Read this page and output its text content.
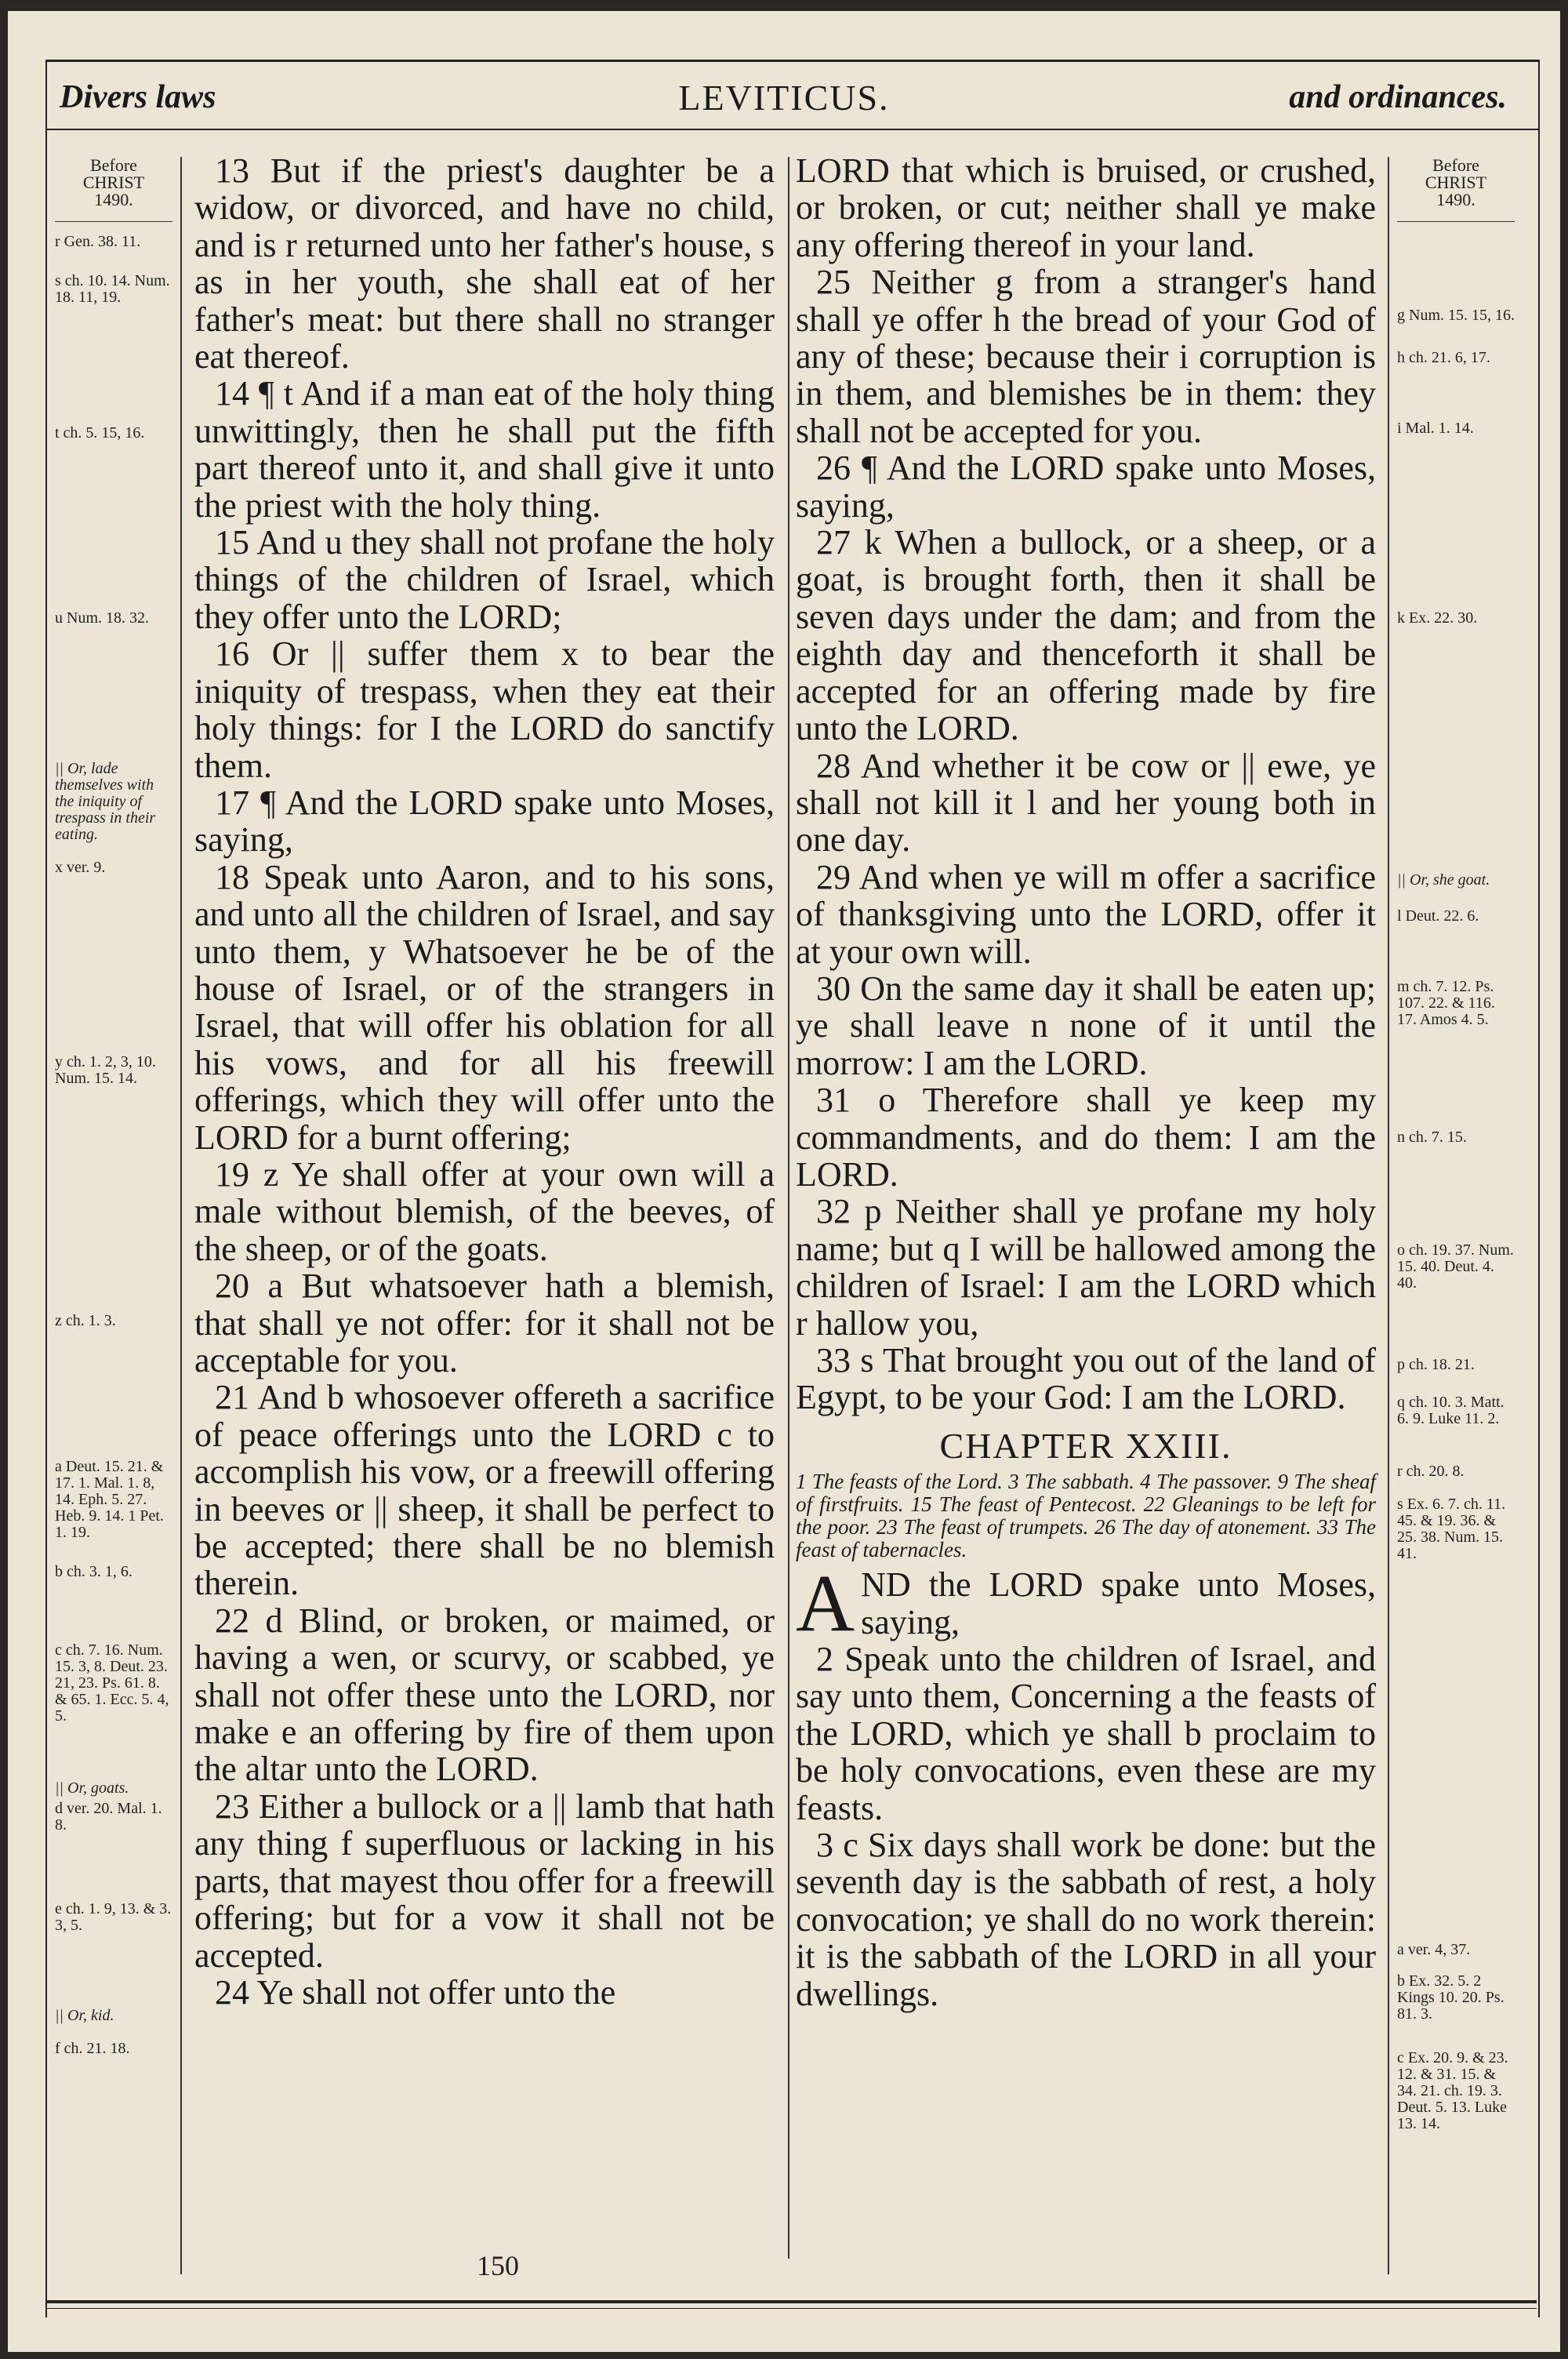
Divers laws	LEVITICUS.	and ordinances.
Before
CHRIST
1490.
r Gen. 38. 11.
s ch. 10. 14. Num. 18. 11, 19.
t ch. 5. 15, 16.
u Num. 18. 32.
|| Or, lade themselves with the iniquity of trespass in their eating.
x ver. 9.
y ch. 1. 2, 3, 10. Num. 15. 14.
z ch. 1. 3.
a Deut. 15. 21. & 17. 1. Mal. 1. 8, 14. Eph. 5. 27. Heb. 9. 14. 1 Pet. 1. 19.
b ch. 3. 1, 6.
c ch. 7. 16. Num. 15. 3, 8. Deut. 23. 21, 23. Ps. 61. 8. & 65. 1. Ecc. 5. 4, 5.
|| Or, goats.
d ver. 20. Mal. 1. 8.
e ch. 1. 9, 13. & 3. 3, 5.
|| Or, kid.
f ch. 21. 18.

13 But if the priest's daughter be a widow, or divorced, and have no child, and is r returned unto her father's house, s as in her youth, she shall eat of her father's meat: but there shall no stranger eat thereof.

14 ¶ t And if a man eat of the holy thing unwittingly, then he shall put the fifth part thereof unto it, and shall give it unto the priest with the holy thing.

15 And u they shall not profane the holy things of the children of Israel, which they offer unto the LORD;

16 Or || suffer them x to bear the iniquity of trespass, when they eat their holy things: for I the LORD do sanctify them.

17 ¶ And the LORD spake unto Moses, saying,

18 Speak unto Aaron, and to his sons, and unto all the children of Israel, and say unto them, y Whatsoever he be of the house of Israel, or of the strangers in Israel, that will offer his oblation for all his vows, and for all his freewill offerings, which they will offer unto the LORD for a burnt offering;

19 z Ye shall offer at your own will a male without blemish, of the beeves, of the sheep, or of the goats.

20 a But whatsoever hath a blemish, that shall ye not offer: for it shall not be acceptable for you.

21 And b whosoever offereth a sacrifice of peace offerings unto the LORD c to accomplish his vow, or a freewill offering in beeves or || sheep, it shall be perfect to be accepted; there shall be no blemish therein.

22 d Blind, or broken, or maimed, or having a wen, or scurvy, or scabbed, ye shall not offer these unto the LORD, nor make e an offering by fire of them upon the altar unto the LORD.

23 Either a bullock or a || lamb that hath any thing f superfluous or lacking in his parts, that mayest thou offer for a freewill offering; but for a vow it shall not be accepted.

24 Ye shall not offer unto the

LORD that which is bruised, or crushed, or broken, or cut; neither shall ye make any offering thereof in your land.

25 Neither g from a stranger's hand shall ye offer h the bread of your God of any of these; because their i corruption is in them, and blemishes be in them: they shall not be accepted for you.

26 ¶ And the LORD spake unto Moses, saying,

27 k When a bullock, or a sheep, or a goat, is brought forth, then it shall be seven days under the dam; and from the eighth day and thenceforth it shall be accepted for an offering made by fire unto the LORD.

28 And whether it be cow or || ewe, ye shall not kill it l and her young both in one day.

29 And when ye will m offer a sacrifice of thanksgiving unto the LORD, offer it at your own will.

30 On the same day it shall be eaten up; ye shall leave n none of it until the morrow: I am the LORD.

31 o Therefore shall ye keep my commandments, and do them: I am the LORD.

32 p Neither shall ye profane my holy name; but q I will be hallowed among the children of Israel: I am the LORD which r hallow you,

33 s That brought you out of the land of Egypt, to be your God: I am the LORD.

CHAPTER XXIII.
1 The feasts of the Lord. 3 The sabbath. 4 The passover. 9 The sheaf of firstfruits. 15 The feast of Pentecost. 22 Gleanings to be left for the poor. 23 The feast of trumpets. 26 The day of atonement. 33 The feast of tabernacles.

AND the LORD spake unto Moses, saying,

2 Speak unto the children of Israel, and say unto them, Concerning a the feasts of the LORD, which ye shall b proclaim to be holy convocations, even these are my feasts.

3 c Six days shall work be done: but the seventh day is the sabbath of rest, a holy convocation; ye shall do no work therein: it is the sabbath of the LORD in all your dwellings.

Before
CHRIST
1490.
g Num. 15. 15, 16.
h ch. 21. 6, 17.
i Mal. 1. 14.
k Ex. 22. 30.
|| Or, she goat.
l Deut. 22. 6.
m ch. 7. 12. Ps. 107. 22. & 116. 17. Amos 4. 5.
n ch. 7. 15.
o ch. 19. 37. Num. 15. 40. Deut. 4. 40.
p ch. 18. 21.
q ch. 10. 3. Matt. 6. 9. Luke 11. 2.
r ch. 20. 8.
s Ex. 6. 7. ch. 11. 45. & 19. 36. & 25. 38. Num. 15. 41.
a ver. 4, 37.
b Ex. 32. 5. 2 Kings 10. 20. Ps. 81. 3.
c Ex. 20. 9. & 23. 12. & 31. 15. & 34. 21. ch. 19. 3. Deut. 5. 13. Luke 13. 14.
150
